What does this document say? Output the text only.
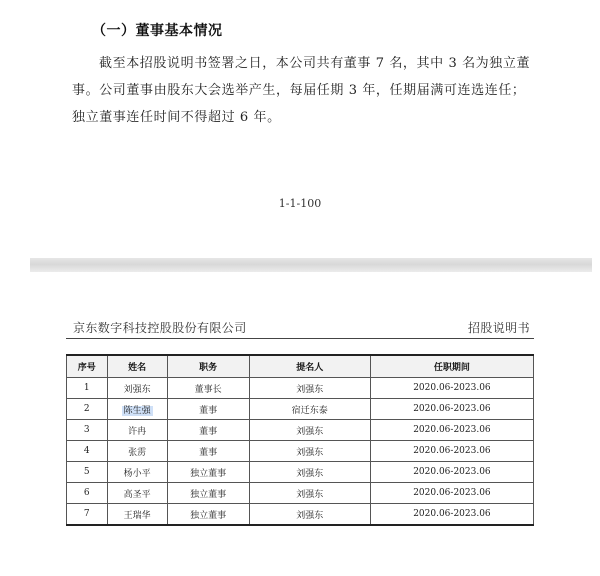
（一）董事基本情况
截至本招股说明书签署之日，本公司共有董事 7 名，其中 3 名为独立董事。公司董事由股东大会选举产生，每届任期 3 年，任期届满可连选连任；独立董事连任时间不得超过 6 年。
1-1-100
京东数字科技控股股份有限公司	招股说明书
序号	姓名	职务	提名人	任职期间
1	刘强东	董事长	刘强东	2020.06-2023.06
2	陈生强	董事	宿迁东泰	2020.06-2023.06
3	许冉	董事	刘强东	2020.06-2023.06
4	张雳	董事	刘强东	2020.06-2023.06
5	杨小平	独立董事	刘强东	2020.06-2023.06
6	高圣平	独立董事	刘强东	2020.06-2023.06
7	王瑞华	独立董事	刘强东	2020.06-2023.06
